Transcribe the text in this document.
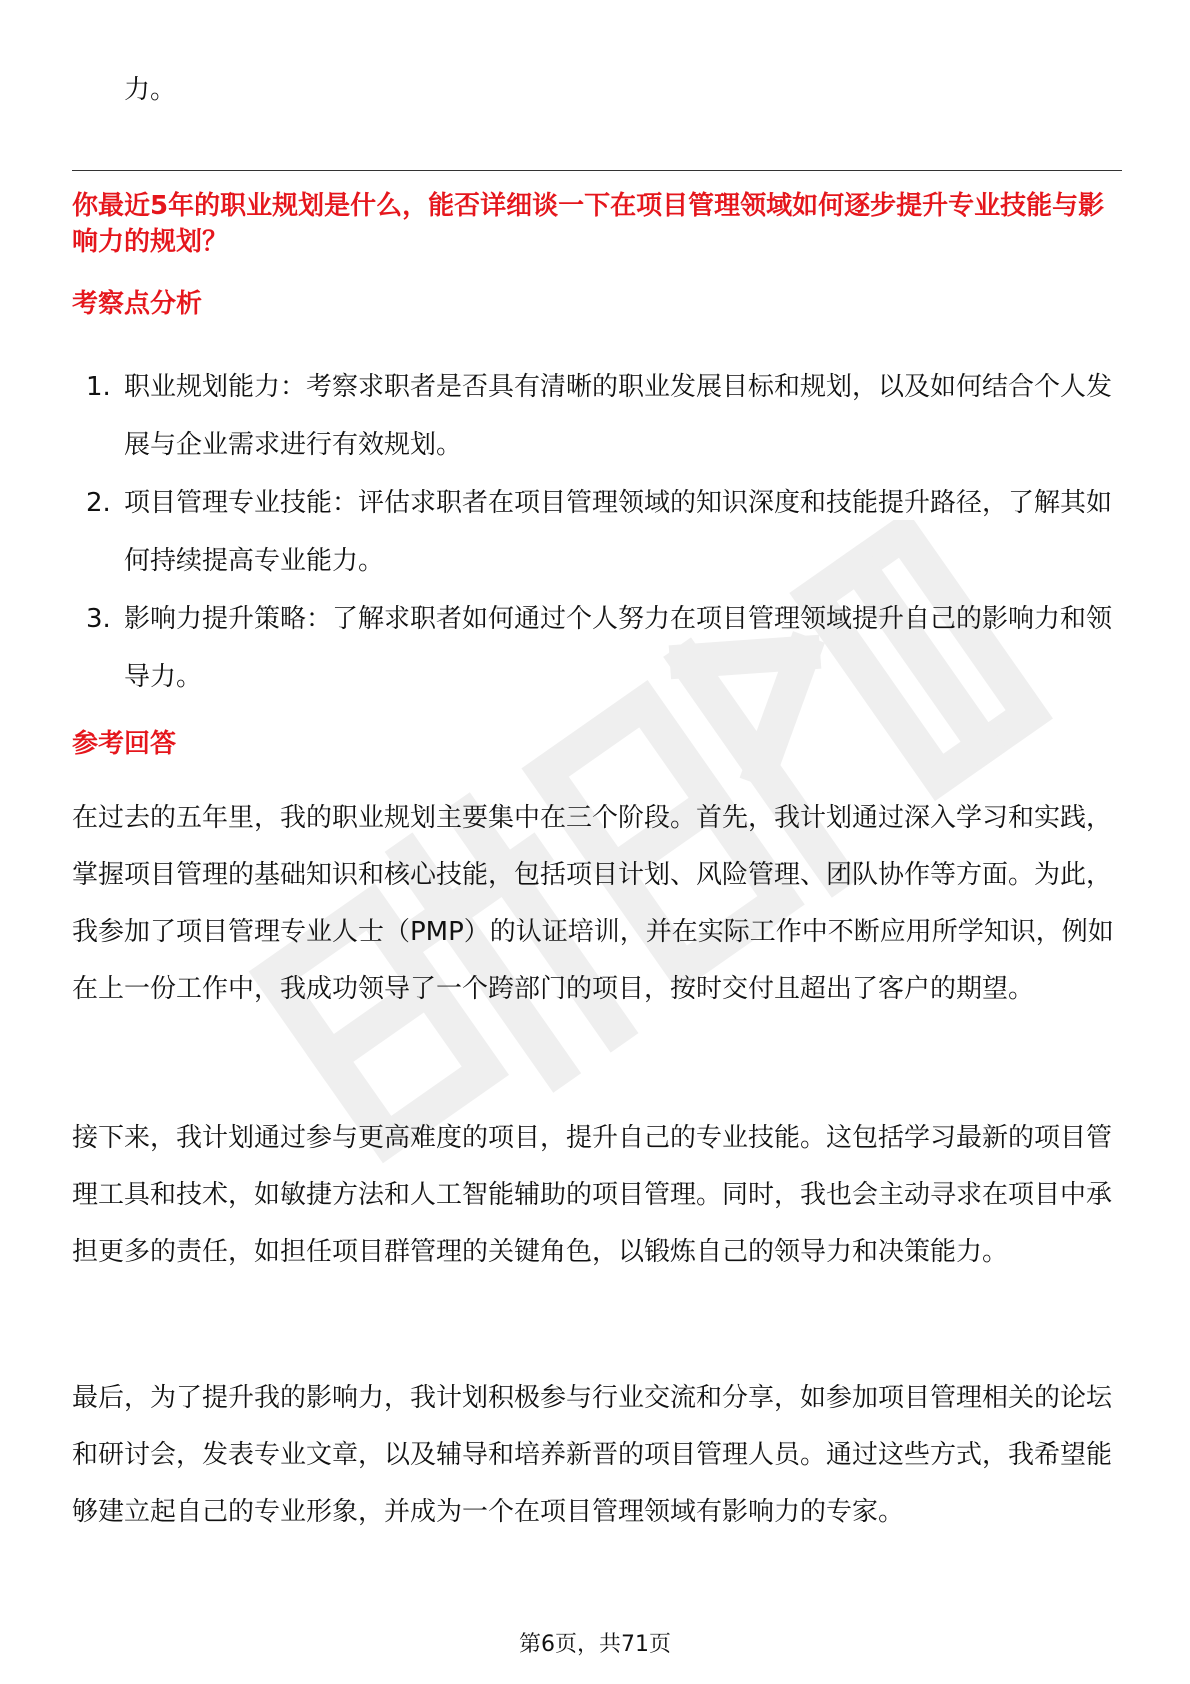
力。

你最近5年的职业规划是什么，能否详细谈一下在项目管理领域如何逐步提升专业技能与影响力的规划？
考察点分析
1. 职业规划能力：考察求职者是否具有清晰的职业发展目标和规划，以及如何结合个人发展与企业需求进行有效规划。
2. 项目管理专业技能：评估求职者在项目管理领域的知识深度和技能提升路径，了解其如何持续提高专业能力。
3. 影响力提升策略：了解求职者如何通过个人努力在项目管理领域提升自己的影响力和领导力。
参考回答

在过去的五年里，我的职业规划主要集中在三个阶段。首先，我计划通过深入学习和实践，掌握项目管理的基础知识和核心技能，包括项目计划、风险管理、团队协作等方面。为此，我参加了项目管理专业人士（PMP）的认证培训，并在实际工作中不断应用所学知识，例如在上一份工作中，我成功领导了一个跨部门的项目，按时交付且超出了客户的期望。

接下来，我计划通过参与更高难度的项目，提升自己的专业技能。这包括学习最新的项目管理工具和技术，如敏捷方法和人工智能辅助的项目管理。同时，我也会主动寻求在项目中承担更多的责任，如担任项目群管理的关键角色，以锻炼自己的领导力和决策能力。

最后，为了提升我的影响力，我计划积极参与行业交流和分享，如参加项目管理相关的论坛和研讨会，发表专业文章，以及辅导和培养新晋的项目管理人员。通过这些方式，我希望能够建立起自己的专业形象，并成为一个在项目管理领域有影响力的专家。

第6页，共71页
